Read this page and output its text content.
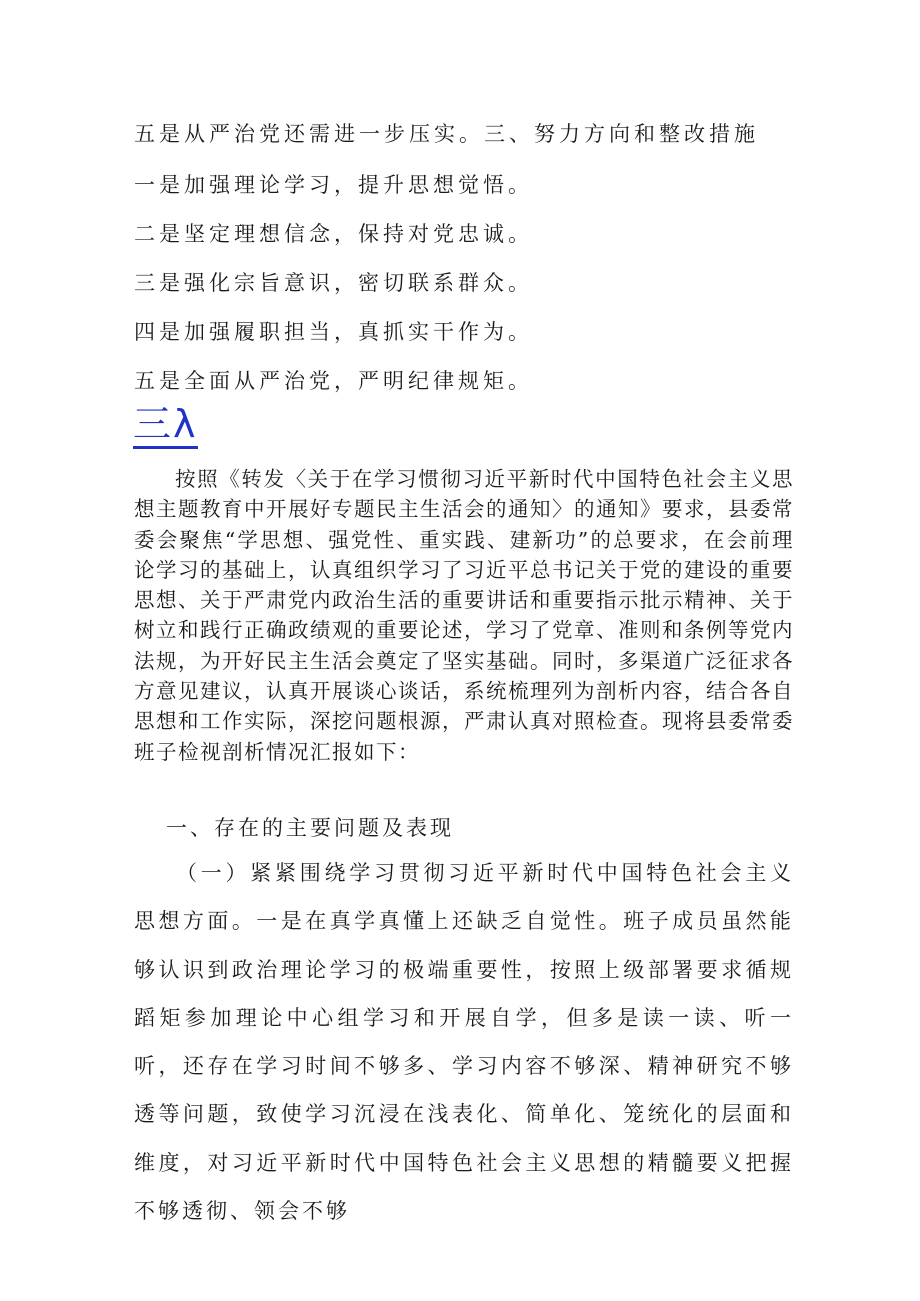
五是从严治党还需进一步压实。三、努力方向和整改措施
一是加强理论学习，提升思想觉悟。
二是坚定理想信念，保持对党忠诚。
三是强化宗旨意识，密切联系群众。
四是加强履职担当，真抓实干作为。
五是全面从严治党，严明纪律规矩。
三λ
按照《转发〈关于在学习惯彻习近平新时代中国特色社会主义思想主题教育中开展好专题民主生活会的通知〉的通知》要求，县委常委会聚焦“学思想、强党性、重实践、建新功”的总要求，在会前理论学习的基础上，认真组织学习了习近平总书记关于党的建设的重要思想、关于严肃党内政治生活的重要讲话和重要指示批示精神、关于树立和践行正确政绩观的重要论述，学习了党章、准则和条例等党内法规，为开好民主生活会奠定了坚实基础。同时，多渠道广泛征求各方意见建议，认真开展谈心谈话，系统梳理列为剖析内容，结合各自思想和工作实际，深挖问题根源，严肃认真对照检查。现将县委常委班子检视剖析情况汇报如下：
一、存在的主要问题及表现
（一）紧紧围绕学习贯彻习近平新时代中国特色社会主义思想方面。一是在真学真懂上还缺乏自觉性。班子成员虽然能够认识到政治理论学习的极端重要性，按照上级部署要求循规蹈矩参加理论中心组学习和开展自学，但多是读一读、听一听，还存在学习时间不够多、学习内容不够深、精神研究不够透等问题，致使学习沉浸在浅表化、简单化、笼统化的层面和维度，对习近平新时代中国特色社会主义思想的精髓要义把握不够透彻、领会不够
